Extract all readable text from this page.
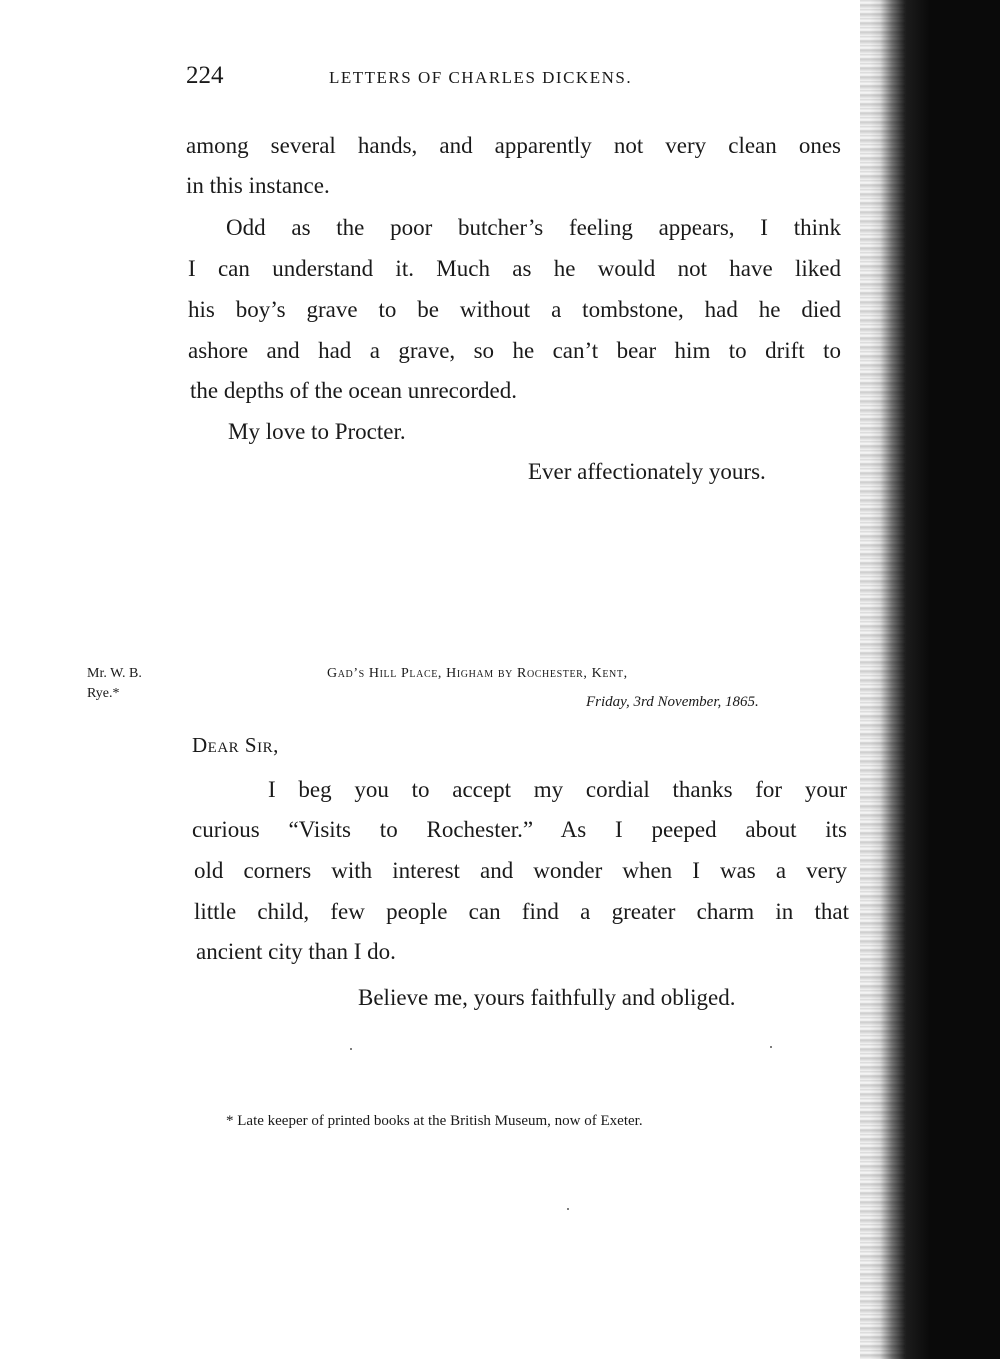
224	LETTERS OF CHARLES DICKENS.
among several hands, and apparently not very clean ones
in this instance.
Odd as the poor butcher’s feeling appears, I think
I can understand it. Much as he would not have liked
his boy’s grave to be without a tombstone, had he died
ashore and had a grave, so he can’t bear him to drift to
the depths of the ocean unrecorded.
My love to Procter.
Ever affectionately yours.
Mr. W. B.
Rye.*
Gad’s Hill Place, Higham by Rochester, Kent,
Friday, 3rd November, 1865.
Dear Sir,
I beg you to accept my cordial thanks for your
curious “Visits to Rochester.” As I peeped about its
old corners with interest and wonder when I was a very
little child, few people can find a greater charm in that
ancient city than I do.
Believe me, yours faithfully and obliged.
* Late keeper of printed books at the British Museum, now of Exeter.
